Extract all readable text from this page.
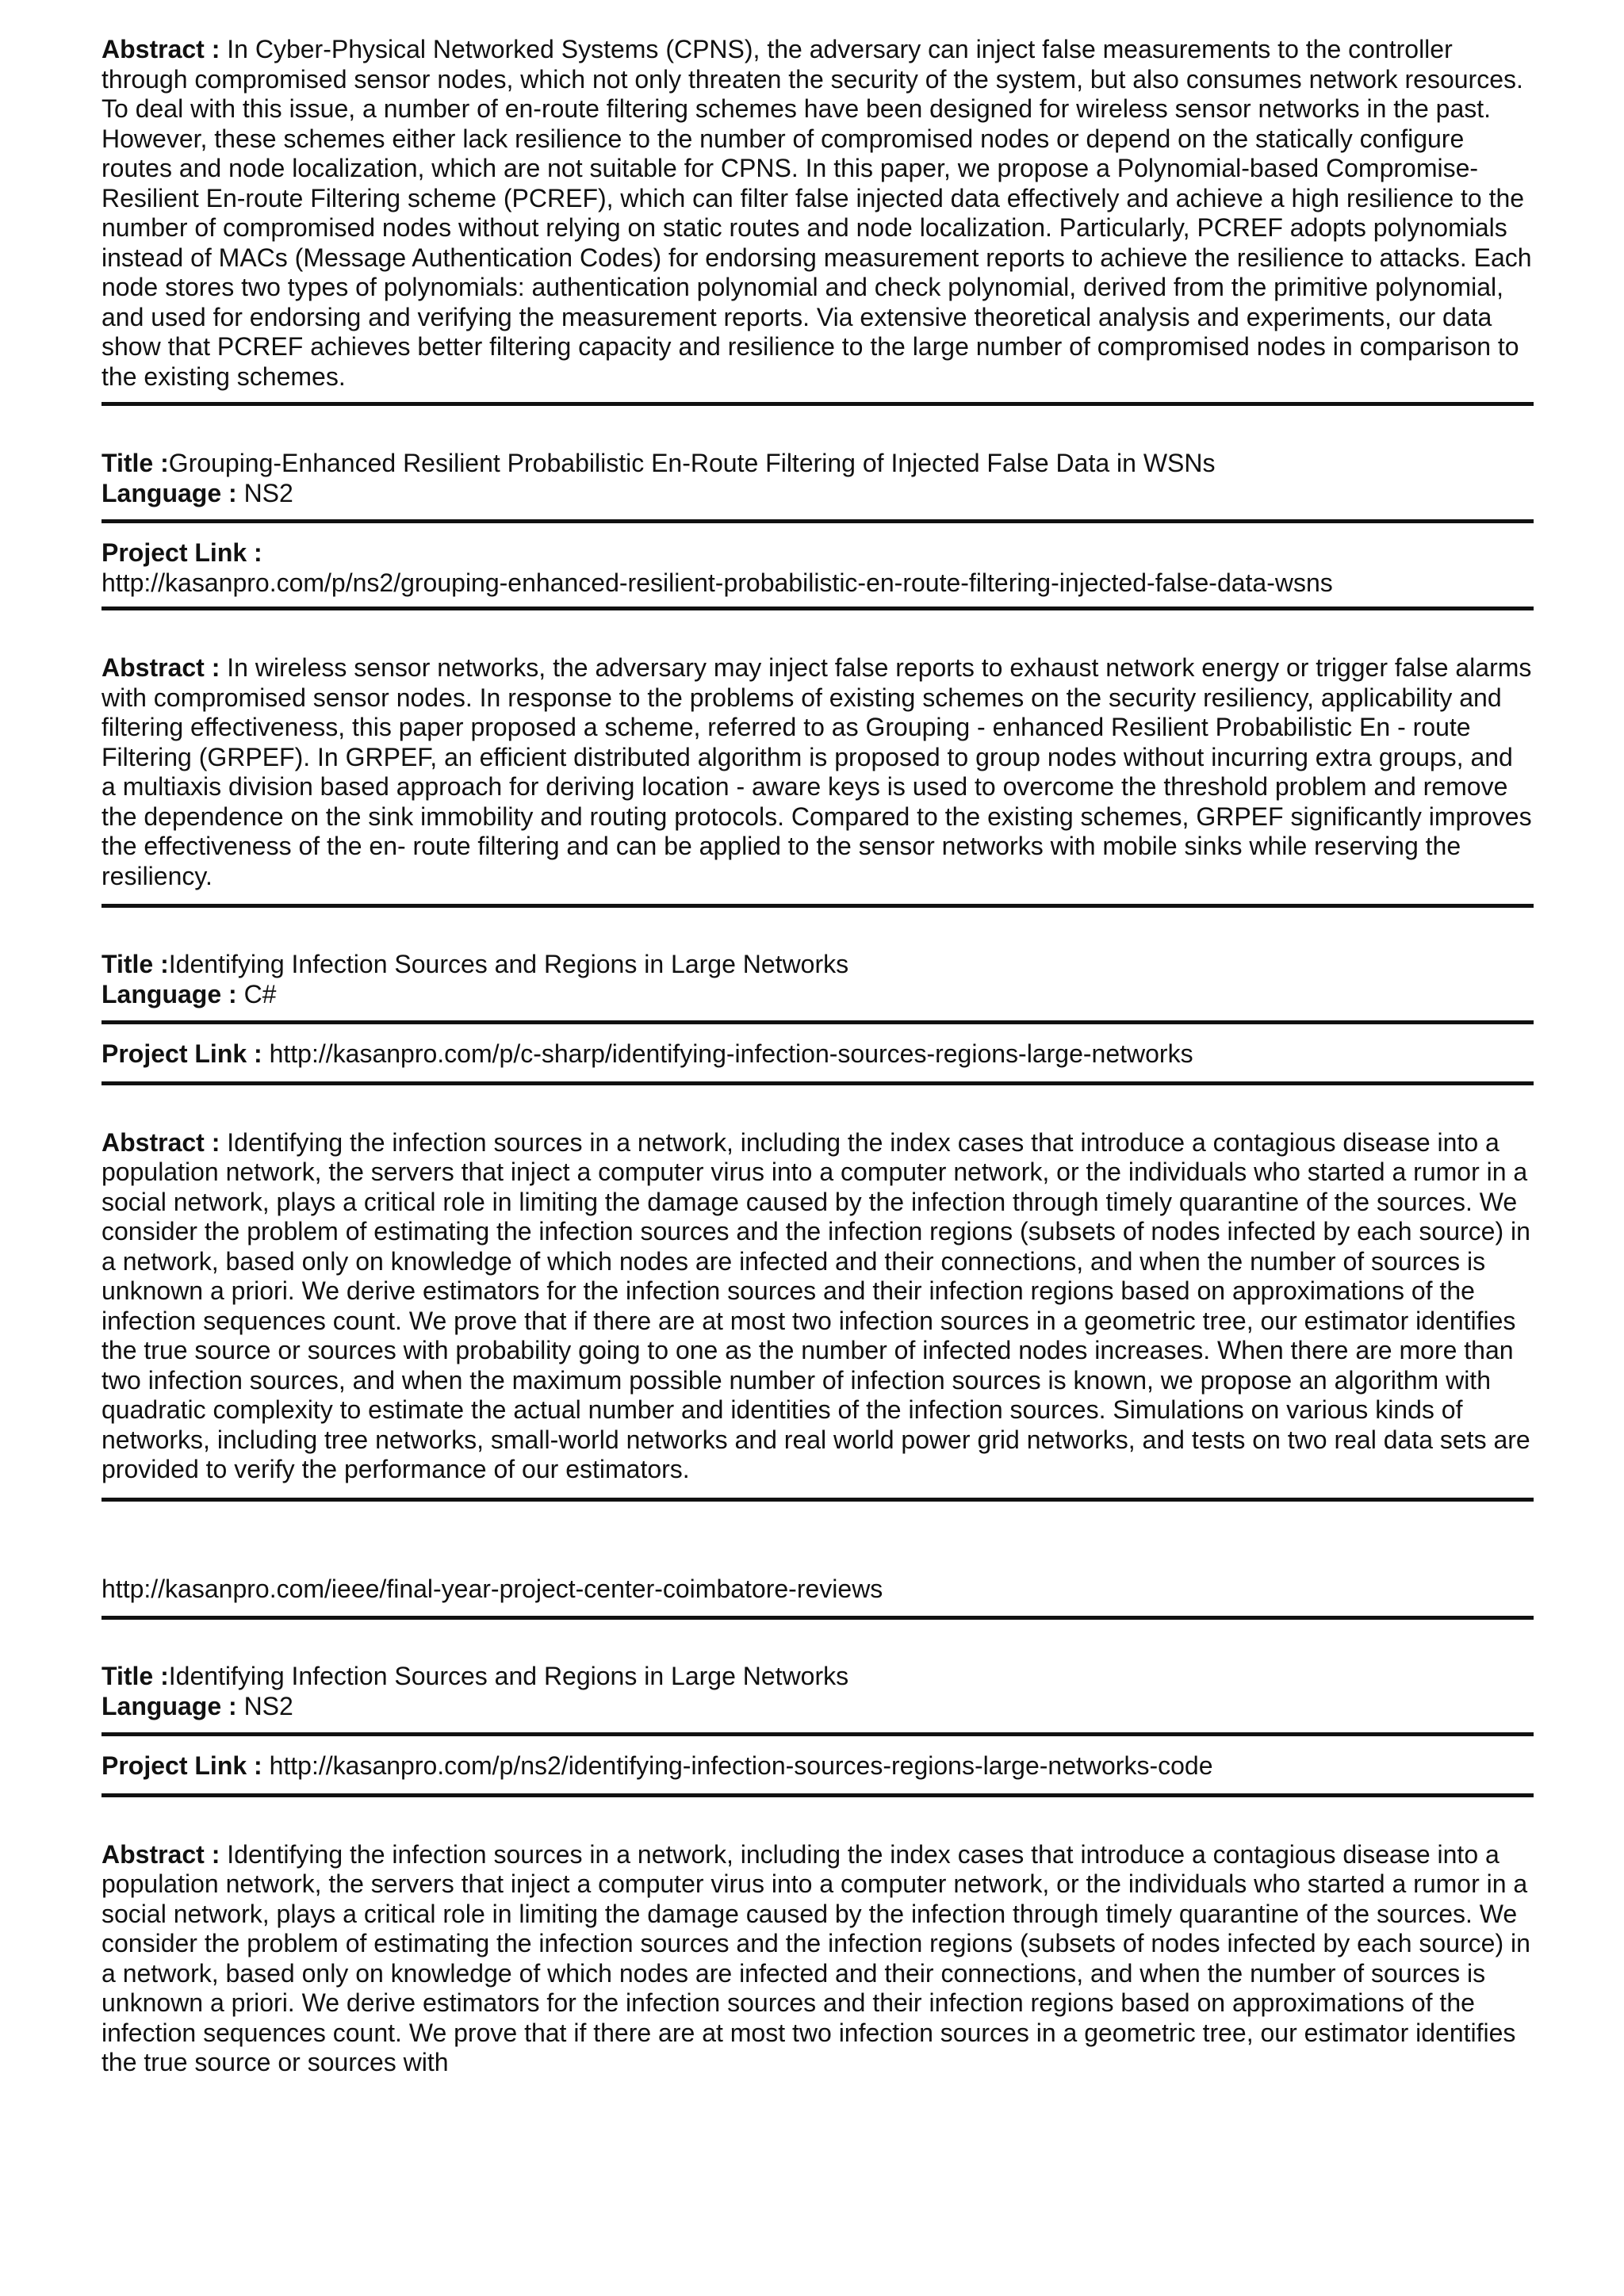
Abstract : In Cyber-Physical Networked Systems (CPNS), the adversary can inject false measurements to the controller through compromised sensor nodes, which not only threaten the security of the system, but also consumes network resources. To deal with this issue, a number of en-route filtering schemes have been designed for wireless sensor networks in the past. However, these schemes either lack resilience to the number of compromised nodes or depend on the statically configure routes and node localization, which are not suitable for CPNS. In this paper, we propose a Polynomial-based Compromise-Resilient En-route Filtering scheme (PCREF), which can filter false injected data effectively and achieve a high resilience to the number of compromised nodes without relying on static routes and node localization. Particularly, PCREF adopts polynomials instead of MACs (Message Authentication Codes) for endorsing measurement reports to achieve the resilience to attacks. Each node stores two types of polynomials: authentication polynomial and check polynomial, derived from the primitive polynomial, and used for endorsing and verifying the measurement reports. Via extensive theoretical analysis and experiments, our data show that PCREF achieves better filtering capacity and resilience to the large number of compromised nodes in comparison to the existing schemes.

Title :Grouping-Enhanced Resilient Probabilistic En-Route Filtering of Injected False Data in WSNs

Language : NS2

Project Link :

http://kasanpro.com/p/ns2/grouping-enhanced-resilient-probabilistic-en-route-filtering-injected-false-data-wsns

Abstract : In wireless sensor networks, the adversary may inject false reports to exhaust network energy or trigger false alarms with compromised sensor nodes. In response to the problems of existing schemes on the security resiliency, applicability and filtering effectiveness, this paper proposed a scheme, referred to as Grouping - enhanced Resilient Probabilistic En - route Filtering (GRPEF). In GRPEF, an efficient distributed algorithm is proposed to group nodes without incurring extra groups, and a multiaxis division based approach for deriving location - aware keys is used to overcome the threshold problem and remove the dependence on the sink immobility and routing protocols. Compared to the existing schemes, GRPEF significantly improves the effectiveness of the en- route filtering and can be applied to the sensor networks with mobile sinks while reserving the resiliency.

Title :Identifying Infection Sources and Regions in Large Networks

Language : C#

Project Link : http://kasanpro.com/p/c-sharp/identifying-infection-sources-regions-large-networks

Abstract : Identifying the infection sources in a network, including the index cases that introduce a contagious disease into a population network, the servers that inject a computer virus into a computer network, or the individuals who started a rumor in a social network, plays a critical role in limiting the damage caused by the infection through timely quarantine of the sources. We consider the problem of estimating the infection sources and the infection regions (subsets of nodes infected by each source) in a network, based only on knowledge of which nodes are infected and their connections, and when the number of sources is unknown a priori. We derive estimators for the infection sources and their infection regions based on approximations of the infection sequences count. We prove that if there are at most two infection sources in a geometric tree, our estimator identifies the true source or sources with probability going to one as the number of infected nodes increases. When there are more than two infection sources, and when the maximum possible number of infection sources is known, we propose an algorithm with quadratic complexity to estimate the actual number and identities of the infection sources. Simulations on various kinds of networks, including tree networks, small-world networks and real world power grid networks, and tests on two real data sets are provided to verify the performance of our estimators.

http://kasanpro.com/ieee/final-year-project-center-coimbatore-reviews

Title :Identifying Infection Sources and Regions in Large Networks

Language : NS2

Project Link : http://kasanpro.com/p/ns2/identifying-infection-sources-regions-large-networks-code

Abstract : Identifying the infection sources in a network, including the index cases that introduce a contagious disease into a population network, the servers that inject a computer virus into a computer network, or the individuals who started a rumor in a social network, plays a critical role in limiting the damage caused by the infection through timely quarantine of the sources. We consider the problem of estimating the infection sources and the infection regions (subsets of nodes infected by each source) in a network, based only on knowledge of which nodes are infected and their connections, and when the number of sources is unknown a priori. We derive estimators for the infection sources and their infection regions based on approximations of the infection sequences count. We prove that if there are at most two infection sources in a geometric tree, our estimator identifies the true source or sources with
